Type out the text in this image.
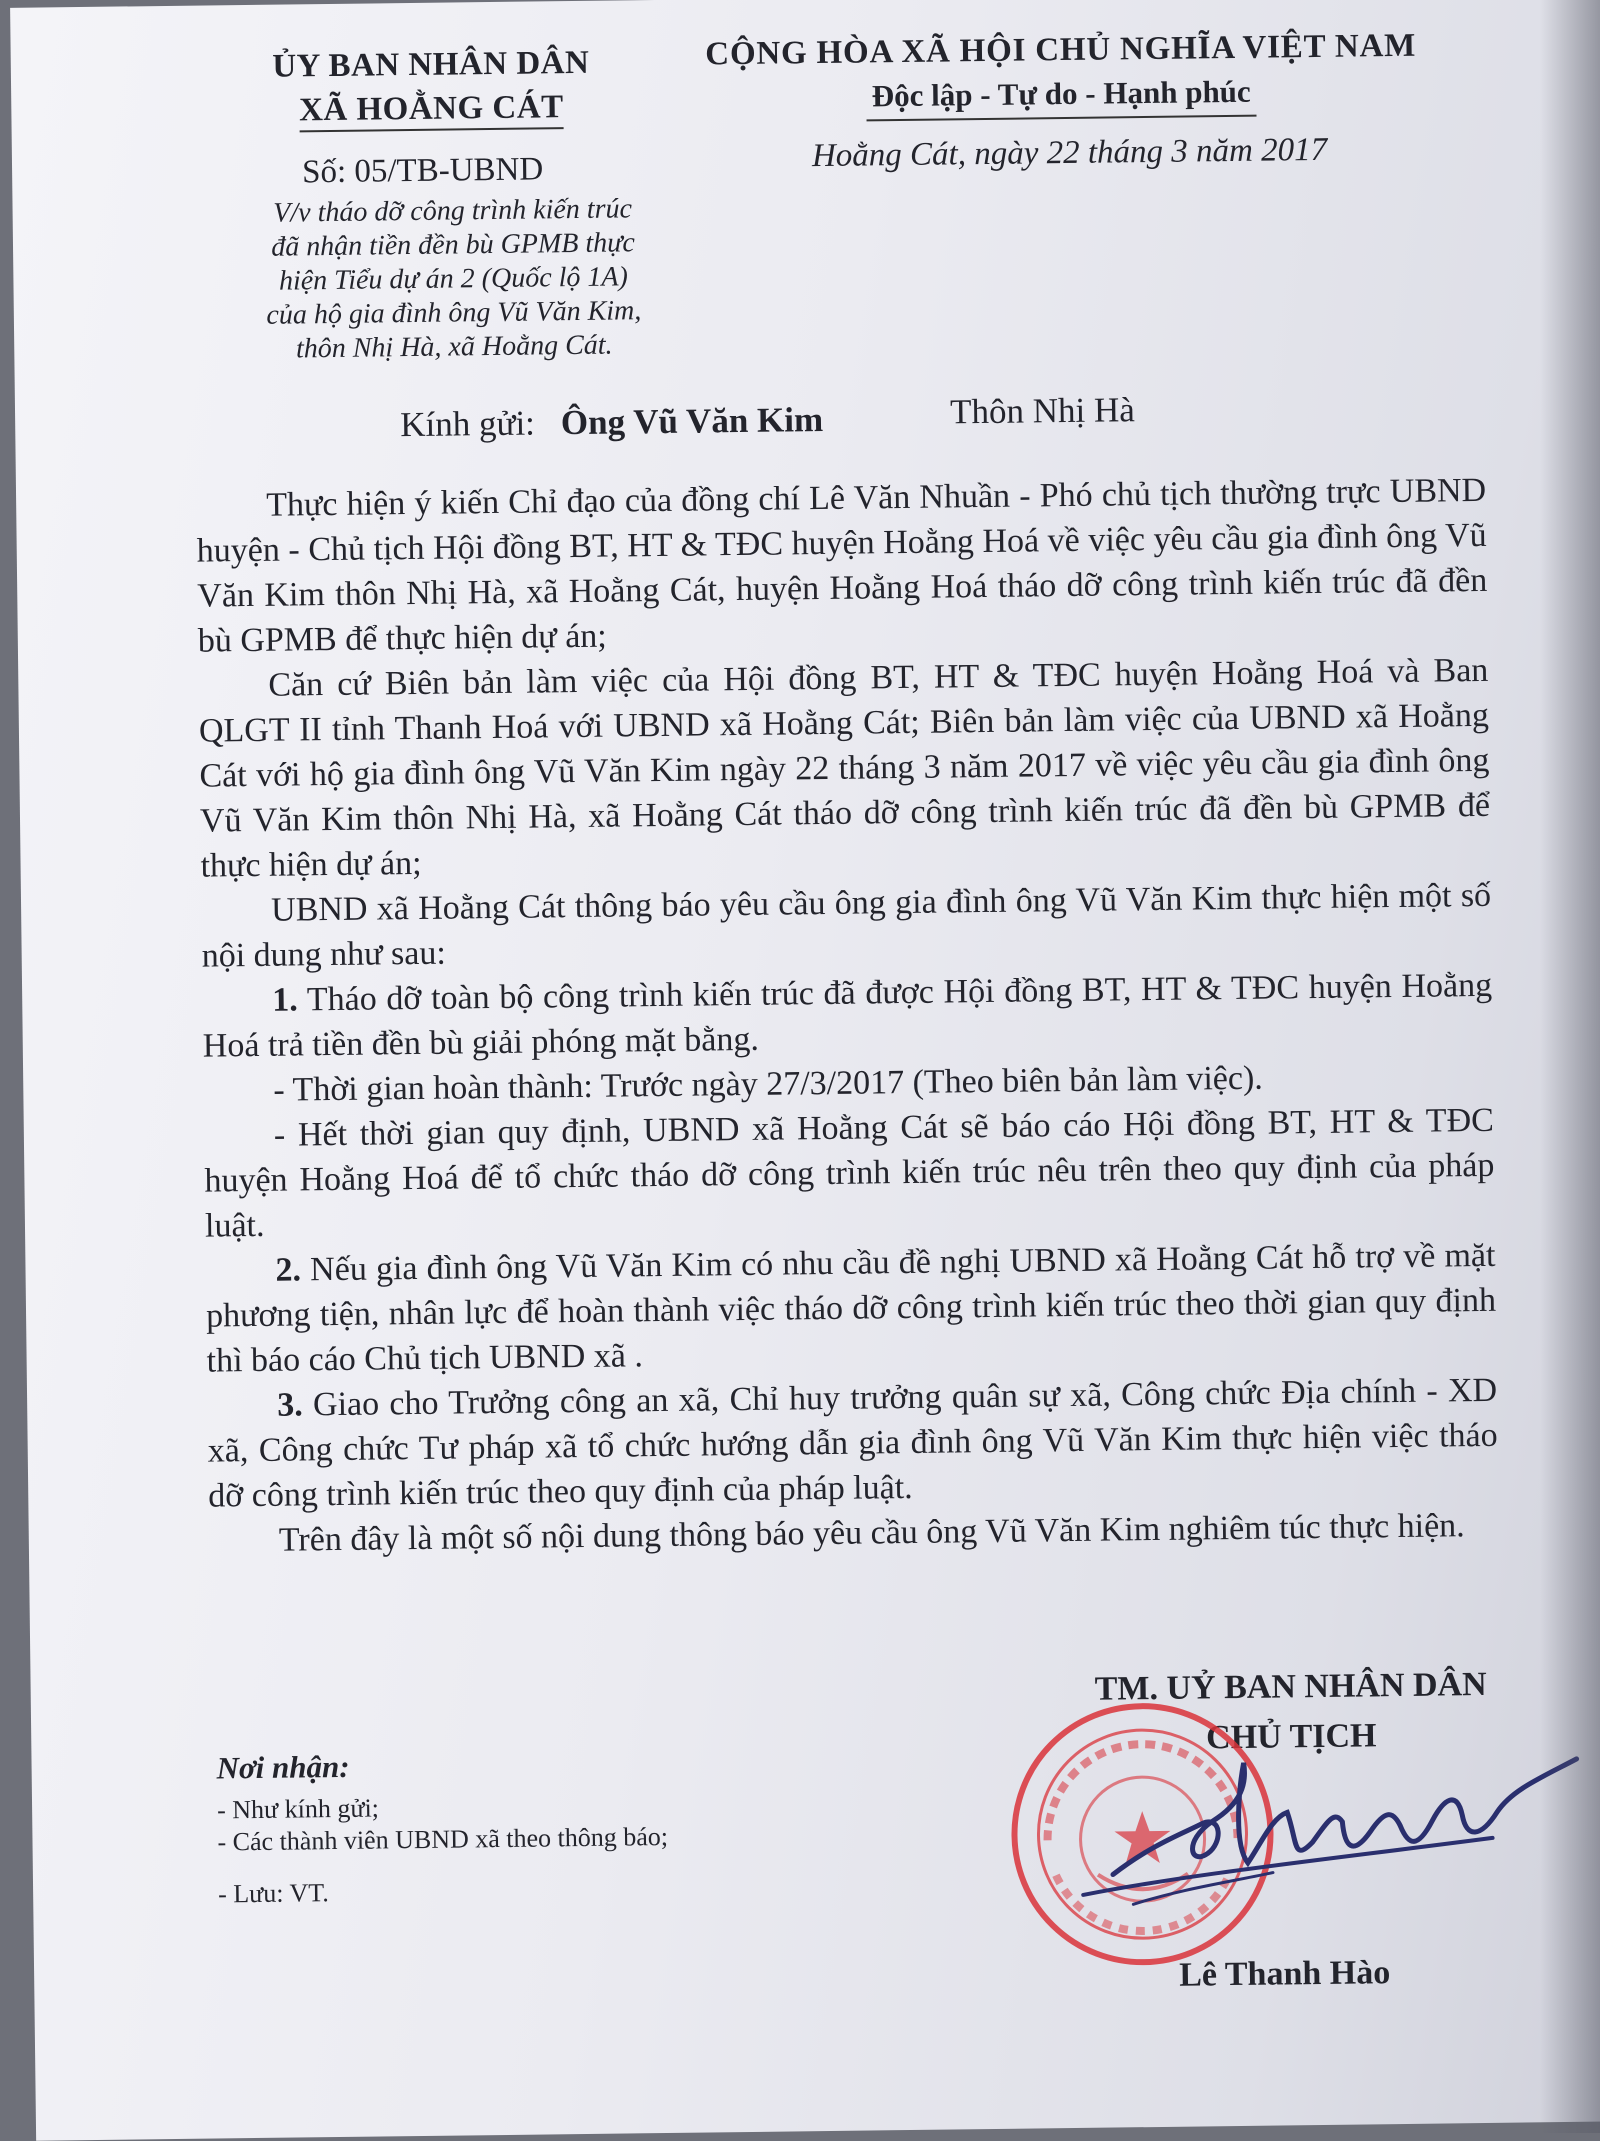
ỦY BAN NHÂN DÂN
XÃ HOẰNG CÁT
CỘNG HÒA XÃ HỘI CHỦ NGHĨA VIỆT NAM
Độc lập - Tự do - Hạnh phúc
Số: 05/TB-UBND	Hoằng Cát, ngày 22 tháng 3 năm 2017
V/v tháo dỡ công trình kiến trúc
đã nhận tiền đền bù GPMB thực
hiện Tiểu dự án 2 (Quốc lộ 1A)
của hộ gia đình ông Vũ Văn Kim,
thôn Nhị Hà, xã Hoằng Cát.
Kính gửi: Ông Vũ Văn Kim	Thôn Nhị Hà

Thực hiện ý kiến Chỉ đạo của đồng chí Lê Văn Nhuần - Phó chủ tịch thường trực UBND huyện - Chủ tịch Hội đồng BT, HT & TĐC huyện Hoằng Hoá về việc yêu cầu gia đình ông Vũ Văn Kim thôn Nhị Hà, xã Hoằng Cát, huyện Hoằng Hoá tháo dỡ công trình kiến trúc đã đền bù GPMB để thực hiện dự án;

Căn cứ Biên bản làm việc của Hội đồng BT, HT & TĐC huyện Hoằng Hoá và Ban QLGT II tỉnh Thanh Hoá với UBND xã Hoằng Cát; Biên bản làm việc của UBND xã Hoằng Cát với hộ gia đình ông Vũ Văn Kim ngày 22 tháng 3 năm 2017 về việc yêu cầu gia đình ông Vũ Văn Kim thôn Nhị Hà, xã Hoằng Cát tháo dỡ công trình kiến trúc đã đền bù GPMB để thực hiện dự án;

UBND xã Hoằng Cát thông báo yêu cầu ông gia đình ông Vũ Văn Kim thực hiện một số nội dung như sau:

1. Tháo dỡ toàn bộ công trình kiến trúc đã được Hội đồng BT, HT & TĐC huyện Hoằng Hoá trả tiền đền bù giải phóng mặt bằng.

- Thời gian hoàn thành: Trước ngày 27/3/2017 (Theo biên bản làm việc).

- Hết thời gian quy định, UBND xã Hoằng Cát sẽ báo cáo Hội đồng BT, HT & TĐC huyện Hoằng Hoá để tổ chức tháo dỡ công trình kiến trúc nêu trên theo quy định của pháp luật.

2. Nếu gia đình ông Vũ Văn Kim có nhu cầu đề nghị UBND xã Hoằng Cát hỗ trợ về mặt phương tiện, nhân lực để hoàn thành việc tháo dỡ công trình kiến trúc theo thời gian quy định thì báo cáo Chủ tịch UBND xã .

3. Giao cho Trưởng công an xã, Chỉ huy trưởng quân sự xã, Công chức Địa chính - XD xã, Công chức Tư pháp xã tổ chức hướng dẫn gia đình ông Vũ Văn Kim thực hiện việc tháo dỡ công trình kiến trúc theo quy định của pháp luật.

Trên đây là một số nội dung thông báo yêu cầu ông Vũ Văn Kim nghiêm túc thực hiện.

TM. UỶ BAN NHÂN DÂN
CHỦ TỊCH
Lê Thanh Hào
Nơi nhận:
- Như kính gửi;
- Các thành viên UBND xã theo thông báo;
- Lưu: VT.
